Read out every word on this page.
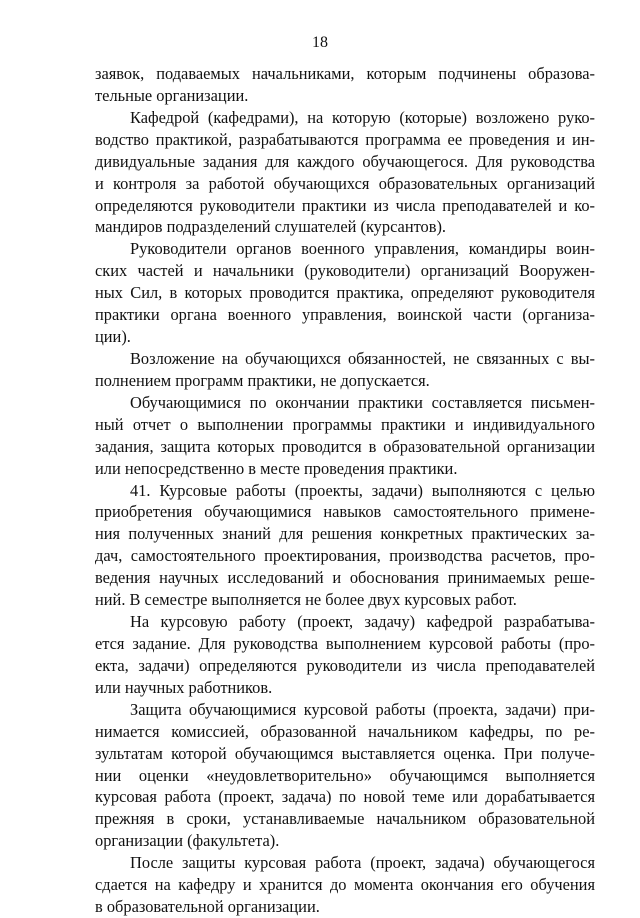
18
заявок, подаваемых начальниками, которым подчинены образова-
тельные организации.
Кафедрой (кафедрами), на которую (которые) возложено руко-
водство практикой, разрабатываются программа ее проведения и ин-
дивидуальные задания для каждого обучающегося. Для руководства
и контроля за работой обучающихся образовательных организаций
определяются руководители практики из числа преподавателей и ко-
мандиров подразделений слушателей (курсантов).
Руководители органов военного управления, командиры воин-
ских частей и начальники (руководители) организаций Вооружен-
ных Сил, в которых проводится практика, определяют руководителя
практики органа военного управления, воинской части (организа-
ции).
Возложение на обучающихся обязанностей, не связанных с вы-
полнением программ практики, не допускается.
Обучающимися по окончании практики составляется письмен-
ный отчет о выполнении программы практики и индивидуального
задания, защита которых проводится в образовательной организации
или непосредственно в месте проведения практики.
41. Курсовые работы (проекты, задачи) выполняются с целью
приобретения обучающимися навыков самостоятельного примене-
ния полученных знаний для решения конкретных практических за-
дач, самостоятельного проектирования, производства расчетов, про-
ведения научных исследований и обоснования принимаемых реше-
ний. В семестре выполняется не более двух курсовых работ.
На курсовую работу (проект, задачу) кафедрой разрабатыва-
ется задание. Для руководства выполнением курсовой работы (про-
екта, задачи) определяются руководители из числа преподавателей
или научных работников.
Защита обучающимися курсовой работы (проекта, задачи) при-
нимается комиссией, образованной начальником кафедры, по ре-
зультатам которой обучающимся выставляется оценка. При получе-
нии оценки «неудовлетворительно» обучающимся выполняется
курсовая работа (проект, задача) по новой теме или дорабатывается
прежняя в сроки, устанавливаемые начальником образовательной
организации (факультета).
После защиты курсовая работа (проект, задача) обучающегося
сдается на кафедру и хранится до момента окончания его обучения
в образовательной организации.
